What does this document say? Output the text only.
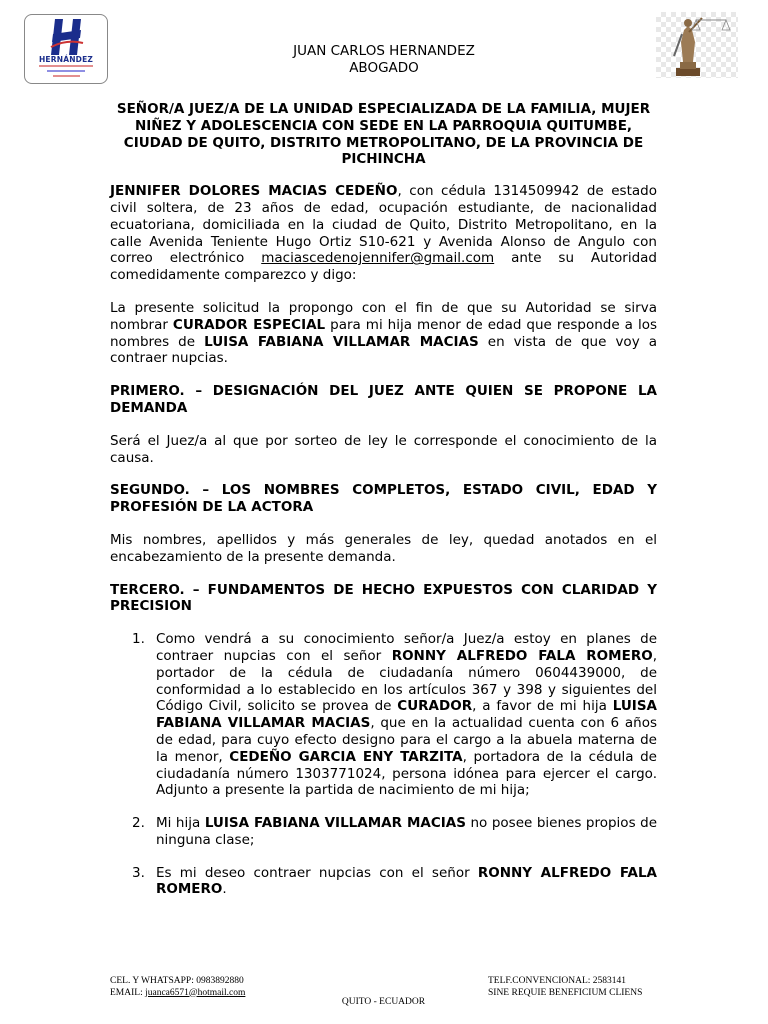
HERNÁNDEZ
JUAN CARLOS HERNANDEZ
ABOGADO
SEÑOR/A JUEZ/A DE LA UNIDAD ESPECIALIZADA DE LA FAMILIA, MUJER NIÑEZ Y ADOLESCENCIA CON SEDE EN LA PARROQUIA QUITUMBE, CIUDAD DE QUITO, DISTRITO METROPOLITANO, DE LA PROVINCIA DE PICHINCHA

JENNIFER DOLORES MACIAS CEDEÑO, con cédula 1314509942 de estado civil soltera, de 23 años de edad, ocupación estudiante, de nacionalidad ecuatoriana, domiciliada en la ciudad de Quito, Distrito Metropolitano, en la calle Avenida Teniente Hugo Ortiz S10-621 y Avenida Alonso de Angulo con correo electrónico maciascedenojennifer@gmail.com ante su Autoridad comedidamente comparezco y digo:

La presente solicitud la propongo con el fin de que su Autoridad se sirva nombrar CURADOR ESPECIAL para mi hija menor de edad que responde a los nombres de LUISA FABIANA VILLAMAR MACIAS en vista de que voy a contraer nupcias.

PRIMERO. – DESIGNACIÓN DEL JUEZ ANTE QUIEN SE PROPONE LA DEMANDA

Será el Juez/a al que por sorteo de ley le corresponde el conocimiento de la causa.

SEGUNDO. – LOS NOMBRES COMPLETOS, ESTADO CIVIL, EDAD Y PROFESIÓN DE LA ACTORA

Mis nombres, apellidos y más generales de ley, quedad anotados en el encabezamiento de la presente demanda.

TERCERO. – FUNDAMENTOS DE HECHO EXPUESTOS CON CLARIDAD Y PRECISION
1. Como vendrá a su conocimiento señor/a Juez/a estoy en planes de contraer nupcias con el señor RONNY ALFREDO FALA ROMERO, portador de la cédula de ciudadanía número 0604439000, de conformidad a lo establecido en los artículos 367 y 398 y siguientes del Código Civil, solicito se provea de CURADOR, a favor de mi hija LUISA FABIANA VILLAMAR MACIAS, que en la actualidad cuenta con 6 años de edad, para cuyo efecto designo para el cargo a la abuela materna de la menor, CEDEÑO GARCIA ENY TARZITA, portadora de la cédula de ciudadanía número 1303771024, persona idónea para ejercer el cargo. Adjunto a presente la partida de nacimiento de mi hija;
2. Mi hija LUISA FABIANA VILLAMAR MACIAS no posee bienes propios de ninguna clase;
3. Es mi deseo contraer nupcias con el señor RONNY ALFREDO FALA ROMERO.
CEL. Y WHATSAPP: 0983892880
EMAIL: juanca6571@hotmail.com
TELF.CONVENCIONAL: 2583141
SINE REQUIE BENEFICIUM CLIENS
QUITO - ECUADOR
